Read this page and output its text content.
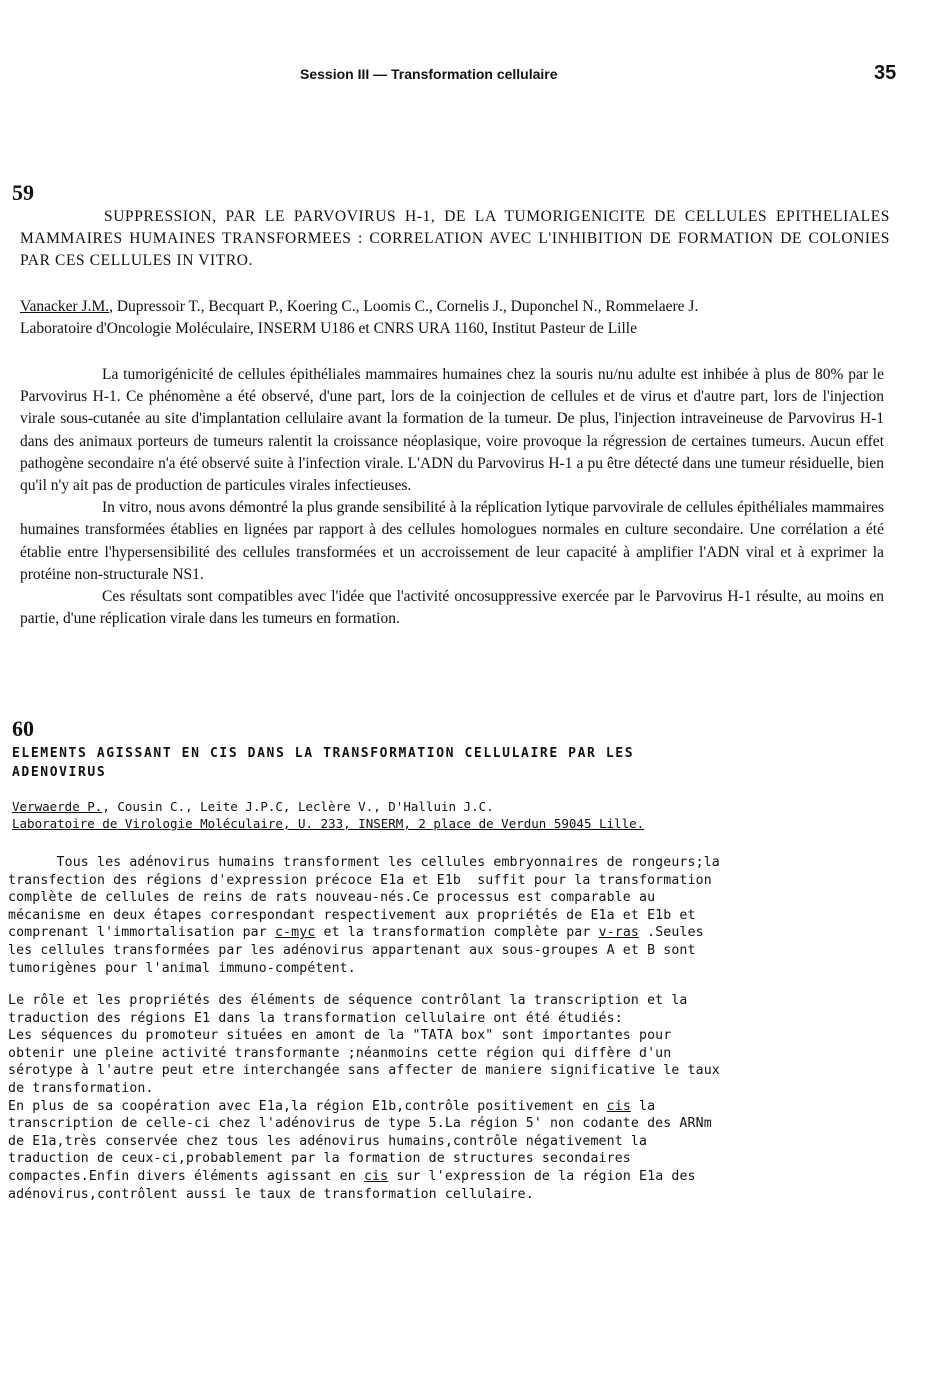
Session III — Transformation cellulaire	35
59
SUPPRESSION, PAR LE PARVOVIRUS H-1, DE LA TUMORIGENICITE DE CELLULES EPITHELIALES MAMMAIRES HUMAINES TRANSFORMEES : CORRELATION AVEC L'INHIBITION DE FORMATION DE COLONIES PAR CES CELLULES IN VITRO.
Vanacker J.M., Dupressoir T., Becquart P., Koering C., Loomis C., Cornelis J., Duponchel N., Rommelaere J.
Laboratoire d'Oncologie Moléculaire, INSERM U186 et CNRS URA 1160, Institut Pasteur de Lille

La tumorigénicité de cellules épithéliales mammaires humaines chez la souris nu/nu adulte est inhibée à plus de 80% par le Parvovirus H-1. Ce phénomène a été observé, d'une part, lors de la coinjection de cellules et de virus et d'autre part, lors de l'injection virale sous-cutanée au site d'implantation cellulaire avant la formation de la tumeur. De plus, l'injection intraveineuse de Parvovirus H-1 dans des animaux porteurs de tumeurs ralentit la croissance néoplasique, voire provoque la régression de certaines tumeurs. Aucun effet pathogène secondaire n'a été observé suite à l'infection virale. L'ADN du Parvovirus H-1 a pu être détecté dans une tumeur résiduelle, bien qu'il n'y ait pas de production de particules virales infectieuses.

In vitro, nous avons démontré la plus grande sensibilité à la réplication lytique parvovirale de cellules épithéliales mammaires humaines transformées établies en lignées par rapport à des cellules homologues normales en culture secondaire. Une corrélation a été établie entre l'hypersensibilité des cellules transformées et un accroissement de leur capacité à amplifier l'ADN viral et à exprimer la protéine non-structurale NS1.

Ces résultats sont compatibles avec l'idée que l'activité oncosuppressive exercée par le Parvovirus H-1 résulte, au moins en partie, d'une réplication virale dans les tumeurs en formation.

60
ELEMENTS AGISSANT EN CIS DANS LA TRANSFORMATION CELLULAIRE PAR LES
ADENOVIRUS
Verwaerde P., Cousin C., Leite J.P.C, Leclère V., D'Halluin J.C.
Laboratoire de Virologie Moléculaire, U. 233, INSERM, 2 place de Verdun 59045 Lille.
Tous les adénovirus humains transforment les cellules embryonnaires de rongeurs;la
transfection des régions d'expression précoce E1a et E1b  suffit pour la transformation
complète de cellules de reins de rats nouveau-nés.Ce processus est comparable au
mécanisme en deux étapes correspondant respectivement aux propriétés de E1a et E1b et
comprenant l'immortalisation par c-myc et la transformation complète par v-ras .Seules
les cellules transformées par les adénovirus appartenant aux sous-groupes A et B sont
tumorigènes pour l'animal immuno-compétent.
Le rôle et les propriétés des éléments de séquence contrôlant la transcription et la
traduction des régions E1 dans la transformation cellulaire ont été étudiés:
Les séquences du promoteur situées en amont de la "TATA box" sont importantes pour
obtenir une pleine activité transformante ;néanmoins cette région qui diffère d'un
sérotype à l'autre peut etre interchangée sans affecter de maniere significative le taux
de transformation.
En plus de sa coopération avec E1a,la région E1b,contrôle positivement en cis la
transcription de celle-ci chez l'adénovirus de type 5.La région 5' non codante des ARNm
de E1a,très conservée chez tous les adénovirus humains,contrôle négativement la
traduction de ceux-ci,probablement par la formation de structures secondaires
compactes.Enfin divers éléments agissant en cis sur l'expression de la région E1a des
adénovirus,contrôlent aussi le taux de transformation cellulaire.
